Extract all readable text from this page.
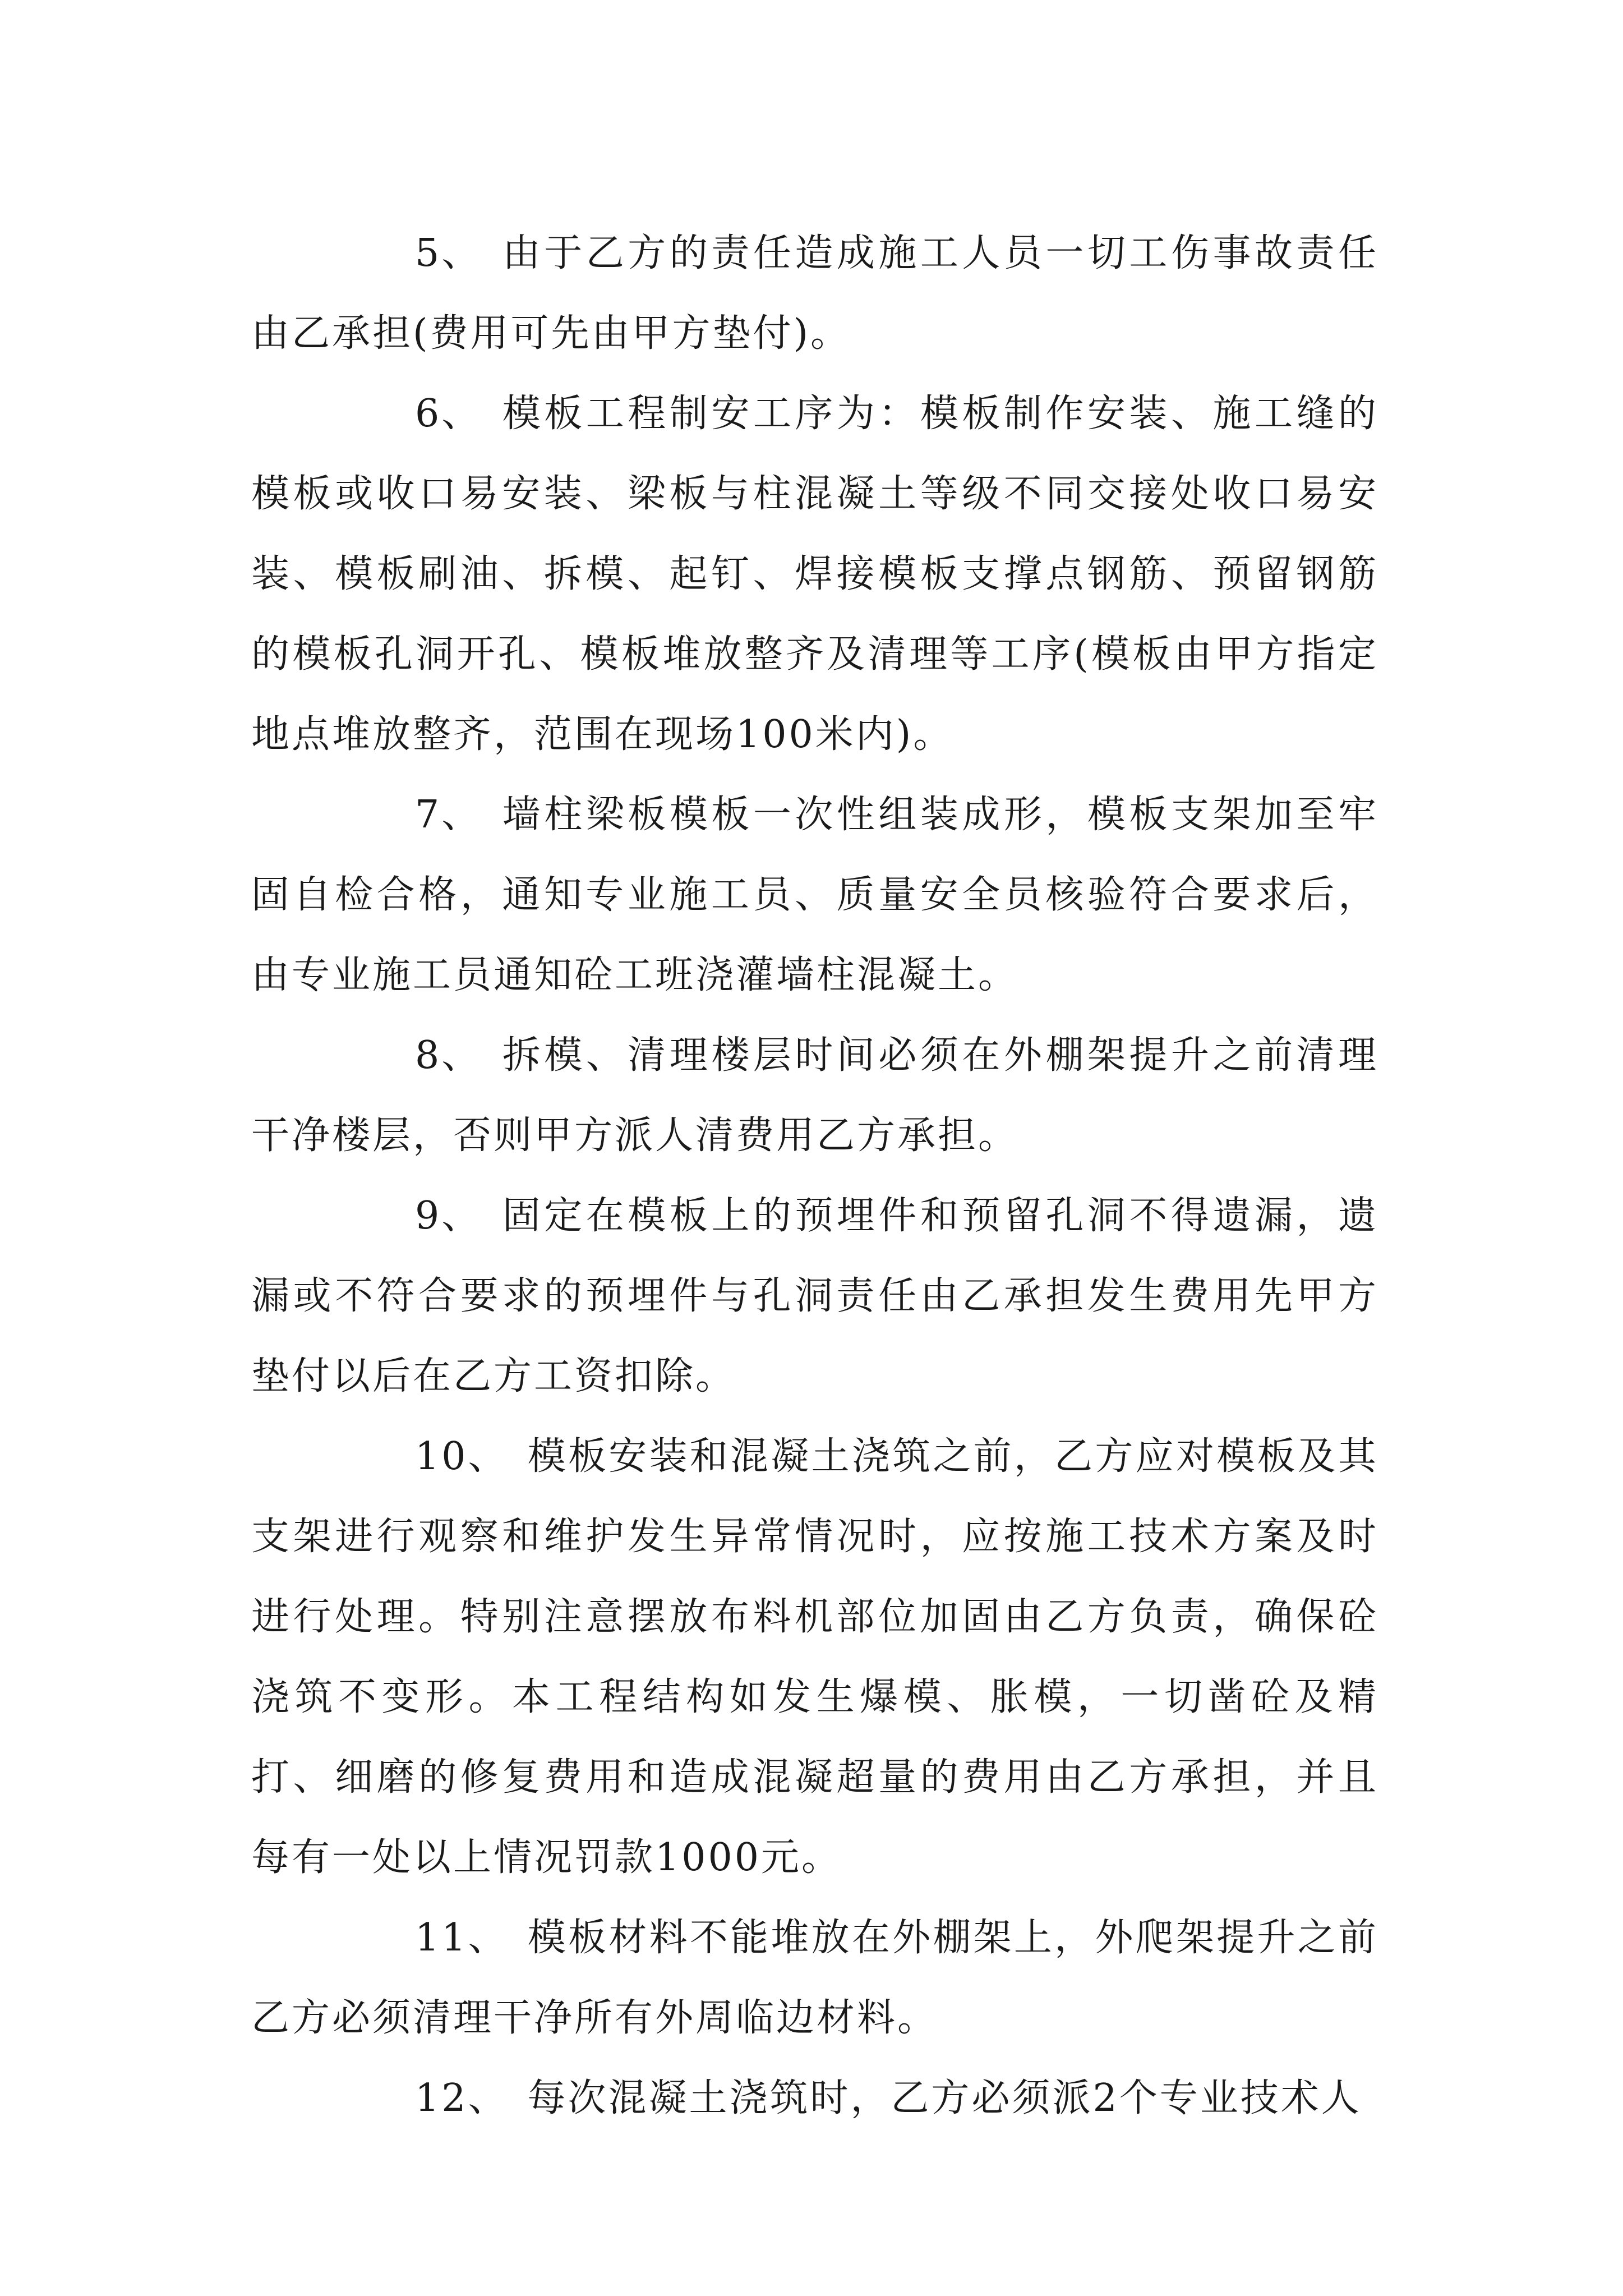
5、 由于乙方的责任造成施工人员一切工伤事故责任由乙承担(费用可先由甲方垫付)。

6、 模板工程制安工序为：模板制作安装、施工缝的模板或收口易安装、梁板与柱混凝土等级不同交接处收口易安装、模板刷油、拆模、起钉、焊接模板支撑点钢筋、预留钢筋的模板孔洞开孔、模板堆放整齐及清理等工序(模板由甲方指定地点堆放整齐，范围在现场100米内)。

7、 墙柱梁板模板一次性组装成形，模板支架加至牢固自检合格，通知专业施工员、质量安全员核验符合要求后，由专业施工员通知砼工班浇灌墙柱混凝土。

8、 拆模、清理楼层时间必须在外棚架提升之前清理干净楼层，否则甲方派人清费用乙方承担。

9、 固定在模板上的预埋件和预留孔洞不得遗漏，遗漏或不符合要求的预埋件与孔洞责任由乙承担发生费用先甲方垫付以后在乙方工资扣除。

10、 模板安装和混凝土浇筑之前，乙方应对模板及其支架进行观察和维护发生异常情况时，应按施工技术方案及时进行处理。特别注意摆放布料机部位加固由乙方负责，确保砼浇筑不变形。本工程结构如发生爆模、胀模，一切凿砼及精打、细磨的修复费用和造成混凝超量的费用由乙方承担，并且每有一处以上情况罚款1000元。

11、 模板材料不能堆放在外棚架上，外爬架提升之前乙方必须清理干净所有外周临边材料。

12、 每次混凝土浇筑时，乙方必须派2个专业技术人
